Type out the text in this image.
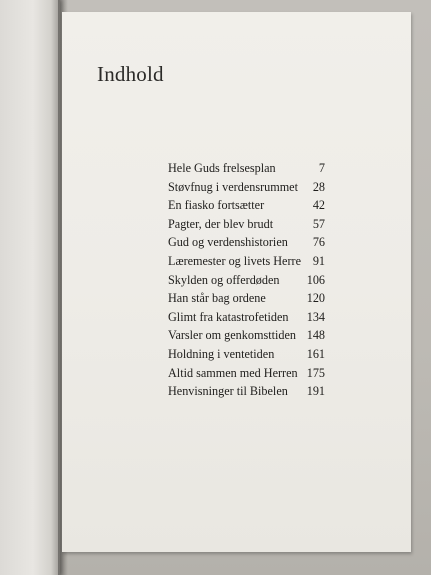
Indhold
Hele Guds frelsesplan	7
Støvfnug i verdensrummet	28
En fiasko fortsætter	42
Pagter, der blev brudt	57
Gud og verdenshistorien	76
Læremester og livets Herre 91
Skylden og offerdøden	106
Han står bag ordene	120
Glimt fra katastrofetiden	134
Varsler om genkomsttiden 148
Holdning i ventetiden	161
Altid sammen med Herren 175
Henvisninger til Bibelen	191
